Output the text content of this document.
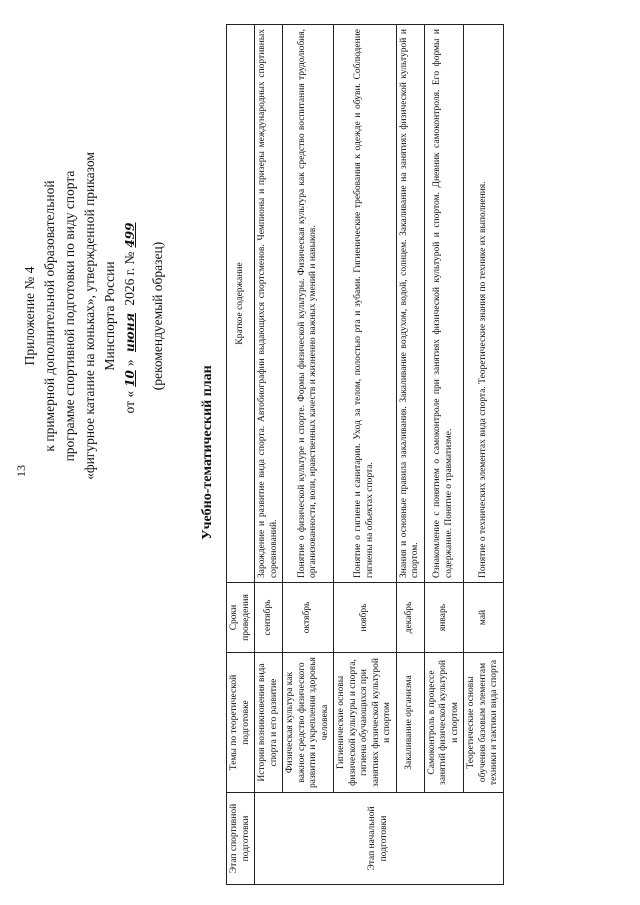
13
Приложение № 4 к примерной дополнительной образовательной программе спортивной подготовки по виду спорта «фигурное катание на коньках», утвержденной приказом Минспорта России
от «10» июня 2026 г. №499
(рекомендуемый образец)
Учебно-тематический план
Этап спортивной подготовки	Темы по теоретической подготовке	Сроки проведения	Краткое содержание
Этап начальной подготовки	История возникновения вида спорта и его развитие	сентябрь	Зарождение и развитие вида спорта. Автобиографии выдающихся спортсменов. Чемпионы и призеры международных спортивных соревнований.
	Физическая культура как важное средство физического развития и укрепления здоровья человека	октябрь	Понятие о физической культуре и спорте. Формы физической культуры. Физическая культура как средство воспитания трудолюбия, организованности, воли, нравственных качеств и жизненно важных умений и навыков.
	Гигиенические основы физической культуры и спорта, гигиена обучающихся при занятиях физической культурой и спортом	ноябрь	Понятие о гигиене и санитарии. Уход за телом, полостью рта и зубами. Гигиенические требования к одежде и обуви. Соблюдение гигиены на объектах спорта.
	Закаливание организма	декабрь	Знания и основные правила закаливания. Закаливание воздухом, водой, солнцем. Закаливание на занятиях физической культурой и спортом.
	Самоконтроль в процессе занятий физической культурой и спортом	январь	Ознакомление с понятием о самоконтроле при занятиях физической культурой и спортом. Дневник самоконтроля. Его формы и содержание. Понятие о травматизме.
	Теоретические основы обучения базовым элементам техники и тактики вида спорта	май	Понятие о технических элементах вида спорта. Теоретические знания по технике их выполнения.
